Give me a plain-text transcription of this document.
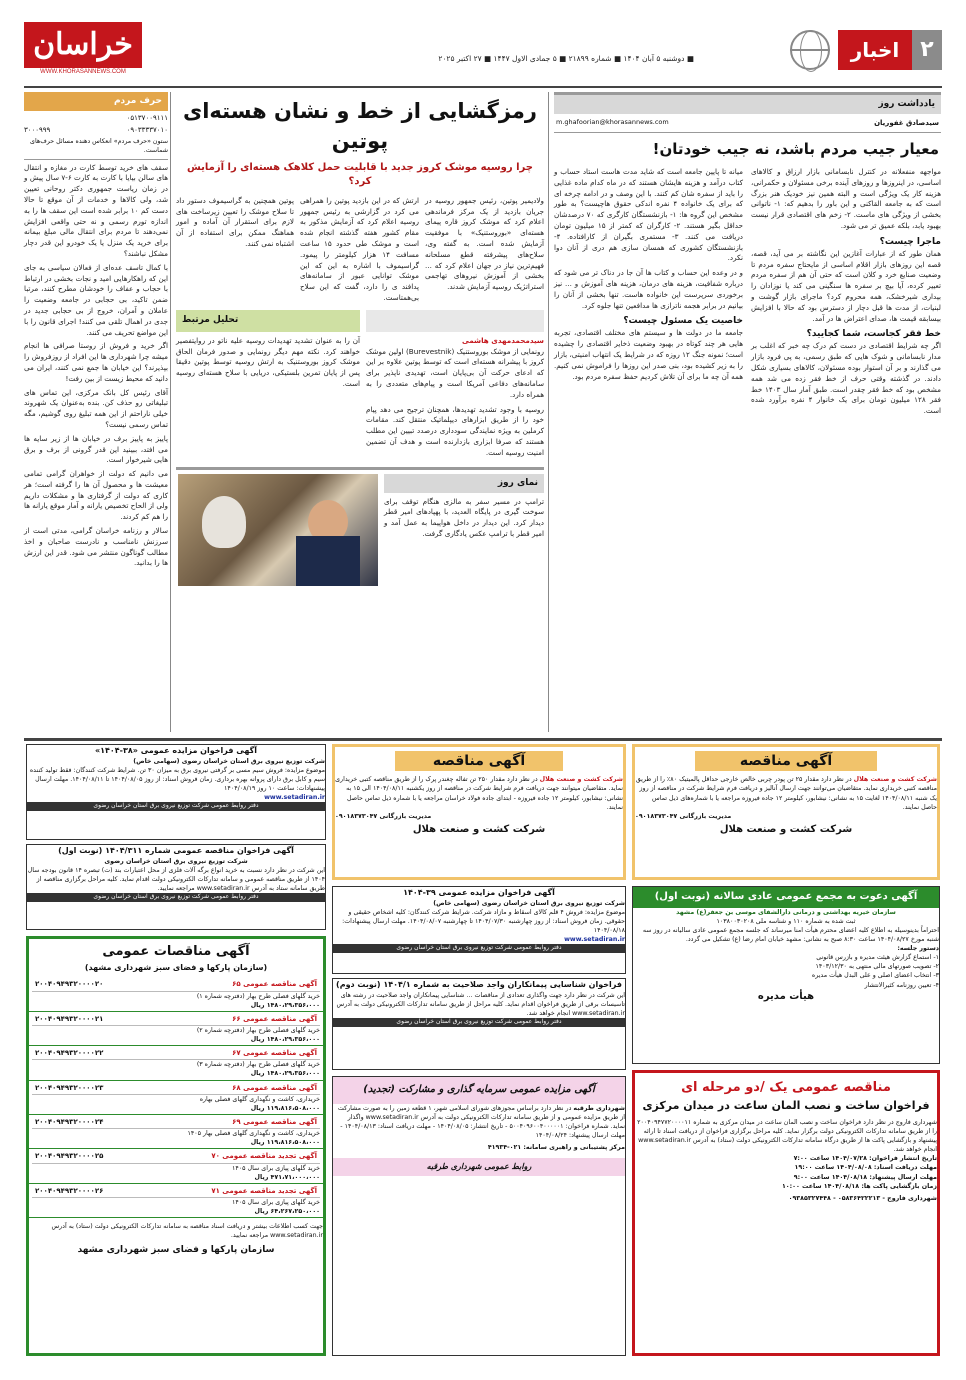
خراسان
WWW.KHORASANNEWS.COM
■ دوشنبه ۵ آبان ۱۴۰۴ ■ شماره ۲۱۸۹۹ ■ ۵ جمادی الاول ۱۴۴۷ ■ ۲۷ اکتبر ۲۰۲۵	۲
اخبار
یادداشت روز
سیدصادق غفوریان
m.ghafoorian@khorasannews.com
معیار جیب مردم باشد، نه جیب خودتان!

مواجهه منفعلانه در کنترل نابسامانی بازار ارزاق و کالاهای اساسی، در اینروزها و روزهای آینده برخی مسئولان و حکمرانی، هزینه کار یک ویژگی است و البته همین نیز خودیک هنر بزرگ است که به جامعه القاکنی و این باور را بدهیم که: ۱- ناتوانی بخشی از ویژگی های ماست. ۲- زخم های اقتصادی قرار نیست بهبود یابد، بلکه عمیق تر می شود.

ماجرا چیست؟

همان طور که از عبارات آغازین این نگاشته بر می آید، قصه، قصه این روزهای بازار اقلام اساسی از مایحتاج سفره مردم تا وضعیت صنایع خرد و کلان است که حتی آن هم از سفره مردم تعییر کرده، آیا بیچ بر سفره ها سنگینی می کند یا نوزادان را بیداری شیرخشک، همه محروم کرد؟ ماجرای بازار گوشت و لبنیات، از مدت ها قبل دچار از دسترس بود که حالا با افزایش بیسابقه قیمت ها، صدای اعتراض ها در آمد.

خط فقر کجاست، شما کجایید؟

اگر چه شرایط اقتصادی در دست کم درک چه خبر که اغلب بر مدار نابسامانی و شوک هایی که طبق رسمی، به پی فرود بازار می گذارند و بر آن استوار بوده مسئولان، کالاهای بسیاری شکل دادند. در گذشته وقتی حرف از خط فقر زده می شد همه مشخص بود که خط فقر چقدر است. طبق آمار سال ۱۴۰۳ خط فقر ۱۲۸ میلیون تومان برای یک خانوار ۴ نفره برآورد شده است.

میانه تا پایین جامعه است که شاید مدت هاست استاد حساب و کتاب درآمد و هزینه هایشان هستند که در ماه کدام ماده غذایی را باید از سفره شان کم کنند. با این وصف و در ادامه چرخه ای که برای یک خانواده ۴ نفره اندکی حقوق هاچیست؟ به طور مشخص این گروه ها: ۱- بازنشستگان کارگری که ۷۰ درصدشان حداقل بگیر هستند. ۲- کارگران که کمتر از ۱۵ میلیون تومان دریافت می کنند. ۳- مستمری بگیران از کارافتاده. ۴- بازنشستگان کشوری که همسان سازی هم دری از آنان دوا نکرد.

و در وعده این حساب و کتاب ها آن جا در دناک تر می شود که درباره شفافیت، هزینه های درمان، هزینه های آموزش و ... نیز برخوردی سرپرست این خانواده هاست. تنها بخشی از آنان را بیانیم در برابر هجمه ناترازی ها مدافعین تنها جلوه کرد.

خاصیت یک مسئول چیست؟

جامعه ما در دولت ها و سیستم های مختلف اقتصادی، تجربه هایی هر چند کوتاه در بهبود وضعیت ذخایر اقتصادی را چشیده است؛ نمونه جنگ ۱۲ روزه که در شرایط یک انتهاب امنیتی، بازار را به زیر کشیده بود، بنی صدر این روزها را فراموش نمی کنیم. همه آن چه ما برای آن تلاش کردیم حفظ سفره مردم بود.

رمزگشایی از خط و نشان هسته‌ای پوتین
چرا روسیه موشک کروز جدید با قابلیت حمل کلاهک هسته‌ای را آزمایش کرد؟

ولادیمیر پوتین، رئیس جمهور روسیه در جریان بازدید از یک مرکز فرماندهی اعلام کرد که موشک کروز قاره پیمای هسته‌ای «بوروستنیک» با موفقیت آزمایش شده است. به گفته وی، سلاح‌های پیشرفته قطع مسلحانه فهیم‌ترین نیاز در جهان اعلام کرد که ... بخشی از آموزش نیروهای تهاجمی استراتژیک روسیه آزمایش شدند.

ارتش که در این بازدید پوتین را همراهی می کرد در گزارشی به رئیس جمهور روسیه اعلام کرد که آزمایش مذکور به مقام کشور هفته گذشته انجام شده است و موشک طی حدود ۱۵ ساعت مسافت ۱۴ هزار کیلومتر را پیمود. گراسیموف با اشاره به این که این موشک توانایی عبور از سامانه‌های پدافند ی را دارد، گفت که این سلاح بی‌همتاست.

پوتین همچنین به گراسیموف دستور داد تا سلاح موشک را تعیین زیرساخت های لازم برای استقرار آن آماده و امور هماهنگ ممکن برای استفاده از آن اشتباه نمی کنند.

سیدمحمدمهدی هاشمی

رونمایی از موشک بوروستنیک (Burevestnik) اولین موشک کروز با پیشرانه هسته‌ای است که توسط پوتین علاوه بر این که ادعای حرکت آن بی‌پایان است، تهدیدی ناپذیر برای سامانه‌های دفاعی آمریکا است و پیام‌های متعددی را به همراه دارد.

روسیه با وجود تشدید تهدیدها، همچنان ترجیح می دهد پیام خود را از طریق ابزارهای دیپلماتیک منتقل کند. مقامات کرملین به ویژه نمایندگی سودداری درصدد تبیین این مطلب هستند که صرفا ابزاری بازدارنده است و هدف آن تضمین امنیت روسیه است.

تحلیل مرتبط

آن را به عنوان تشدید تهدیدات روسیه علیه ناتو در روایتفصیر خواهند کرد. نکته مهم دیگر رونمایی و صدور فرمان الحاق موشک کروز بوروستنیک به ارتش روسیه توسط پوتین دقیقا پس از پایان تمرین بلستیکی، دریایی با سلاح هسته‌ای روسیه است.

نمای روز

ترامپ در مسیر سفر به مالزی هنگام توقف برای سوخت گیری در پایگاه العدید، با پهپادهای امیر قطر دیدار کرد. این دیدار در داخل هواپیما به عمل آمد و امیر قطر با ترامپ عکس یادگاری گرفت.

حرف مردم
۰۵۱۳۷۰۰۹۱۱۱
۳۰۰۰۹۹۹	۰۹۰۳۳۳۳۷۰۱۰

ستون «حرف مردم» انعکاس دهنده مسائل حرف‌های شماست.

سقف های خرید توسط کارت در مغازه و انتقال های سالن بیایا با کارت به کارت ۶-۷ سال پیش و در زمان ریاست جمهوری دکتر روحانی تعیین شد، ولی کالاها و خدمات از آن موقع تا حالا دست کم ۱۰ برابر شده است این سقف ها را به اندازه تورم رسمی و نه حتی واقعی افزایش نمی‌دهند تا مردم برای انتقال مالی مبلغ بیمانه برای خرید یک منزل یا یک خودرو این قدر دچار مشکل نباشند؟

با کمال تاسف عده‌ای از فعالان سیاسی به جای این که راهکارهایی امید و نجات بخشی در ارتباط با حجاب و عفاف را خودشان مطرح کنند، مرتبا ضمن تاکید، بی حجابی در جامعه وضعیت را عاملان و آمران، خروج از بی حجابی جدید در جدی در اهمال تلقی می کنند! اجرای قانون را با این مواضع تحریف می کنند.

اگر خرید و فروش از روستا صرافی ها انجام میشه چرا شهرداری ها این افراد از روزفروش را بپذیرند؟ این خیابان ها جمع نمی کنند، ایران می دانید که محیط زیست از بین رفت!

آقای رئیس کل بانک مرکزی، این تماس های تبلیغاتی رو حذف کن. بنده به‌عنوان یک شهروند خیلی ناراحتم از این همه تبلیغ روی گوشیم، مگه تماس رسمی نیست؟

پاییز به پاییز برف در خیابان ها از زیر سایه ها می افتد، ببینید این قدر گرونی از برف و برق هایی شیرخوار است.

می دانیم که دولت از خواهران گرامی تمامی معیشت ها و محصول آن ها را گرفته است؛ هر کاری که دولت از گرفتاری ها و مشکلات داریم ولی از الحاح تخصیص یارانه و آمار موقع یارانه ها را هم کم کردند.

سالار و رزنامه خراسان گرامی، مدتی است از سرزنش نا‌مناسب و نادرست صاحبان و اخذ مطالب گوناگون منتشر می شود. قدر این ارزش ها را بدانید.

آگهی مناقصه

شرکت کشت و صنعت هلال در نظر دارد مقدار ۲۵ تن پودر چربی خالص خارجی حداقل پالمیتیک ۸۰٪ را از طریق مناقصه کتبی خریداری نماید. متقاضیان می‌توانند جهت ارسال آنالیز و دریافت فرم شرایط شرکت در مناقصه از روز یک شنبه ۱۴۰۴/۰۸/۱۱ لغایت ۱۵ به نشانی: نیشابور، کیلومتر ۱۲ جاده فیروزه مراجعه یا با شماره‌های ذیل تماس حاصل نمایند.

مدیریت بازرگانی ۰۹۰۱۸۳۷۳۰۴۷

شرکت کشت و صنعت هلال
آگهی مناقصه

شرکت کشت و صنعت هلال در نظر دارد مقدار ۲۵۰ تن تفاله چغندر پرک را از طریق مناقصه کتبی خریداری نماید. متقاضیان میتوانند جهت دریافت فرم شرایط شرکت در مناقصه از روز یکشنبه ۱۴۰۴/۰۸/۱۱ الی ۱۵ به نشانی: نیشابور، کیلومتر ۱۲ جاده فیروزه - ابتدای جاده فولاد خراسان مراجعه یا با شماره ذیل تماس حاصل نمایند.

مدیریت بازرگانی ۰۹۰۱۸۳۷۳۰۴۷

شرکت کشت و صنعت هلال
آگهی فراخوان مزایده عمومی «۳۸-۱۴۰۴»

شرکت توزیع نیروی برق استان خراسان رضوی (سهامی خاص)

موضوع مزایده: فروش سیم مسی بر گرفتی نیروی برق به میزان ۳۰ تن. شرایط شرکت کنندگان: فقط تولید کننده سیم و کابل برق دارای پروانه بهره برداری. زمان فروش اسناد: از روز ۱۴۰۴/۰۸/۰۵ تا ۱۴۰۴/۰۸/۱۱. مهلت ارسال پیشنهادات: ساعت ۱۰ روز ۱۴۰۴/۰۸/۱۹

www.setadiran.ir

دفتر روابط عمومی شرکت توزیع نیروی برق استان خراسان رضوی
آگهی فراخوان مناقصه عمومی شماره ۱۴۰۴/۳۱۱ (نوبت اول)

شرکت توزیع نیروی برق استان خراسان رضوی

این شرکت در نظر دارد نسبت به خرید انواع برگه آلات فلزی از محل اعتبارات بند (ت) تبصره ۱۴ قانون بودجه سال ۱۴۰۴ از طریق مناقصه عمومی و سامانه تدارکات الکترونیکی دولت اقدام نماید. کلیه مراحل برگزاری مناقصه از طریق سامانه ستاد به آدرس www.setadiran.ir مراجعه نمایید.

دفتر روابط عمومی شرکت توزیع نیروی برق استان خراسان رضوی	آگهی دعوت به مجمع عمومی عادی سالانه (نوبت اول)

سازمان خیریه بهداشتی و درمانی دارالشفای موسی بن جعفر(ع) مشهد

ثبت شده به شماره ۱۱۰ و شناسه ملی ۱۰۳۸۰۰۳۰۲۰۸

احتراماً بدینوسیله به اطلاع کلیه اعضای محترم هیأت امنا میرساند که جلسه مجمع عمومی عادی سالیانه در روز سه شنبه مورخ ۱۴۰۴/۰۸/۲۷ ساعت ۸:۳۰ صبح به نشانی: مشهد خیابان امام رضا (ع) تشکیل می گردد.

دستور جلسه:

۱- استماع گزارش هیئت مدیره و بازرس قانونی

۲- تصویب صورتهای مالی منتهی به ۱۴۰۳/۱۲/۳۰

۳- انتخاب اعضای اصلی و علی البدل هیأت مدیره

۴- تعیین روزنامه کثیرالانتشار

هیأت مدیره
آگهی فراخوان مزایده عمومی ۳۹-۱۴۰۴

شرکت توزیع نیروی برق استان خراسان رضوی (سهامی خاص)

موضوع مزایده: فروش ۴ قلم کالای اسقاط و مازاد شرکت. شرایط شرکت کنندگان: کلیه اشخاص حقیقی و حقوقی. زمان فروش اسناد: از روز چهارشنبه ۱۴۰۴/۰۷/۳۰ تا چهارشنبه ۱۴۰۴/۰۸/۰۷. مهلت ارسال پیشنهادات: ۱۴۰۴/۰۸/۱۸

www.setadiran.ir

دفتر روابط عمومی شرکت توزیع نیروی برق استان خراسان رضوی
فراخوان شناسایی پیمانکاران واجد صلاحیت به شماره ۱۴۰۴/۱ (نوبت دوم)

این شرکت در نظر دارد جهت واگذاری تعدادی از مناقصات ... شناسایی پیمانکاران واجد صلاحیت در رشته های تاسیسات برقی از طریق فراخوان اقدام نماید. کلیه مراحل از طریق سامانه تدارکات الکترونیکی دولت به آدرس www.setadiran.ir انجام خواهد شد.

دفتر روابط عمومی شرکت توزیع نیروی برق استان خراسان رضوی
آگهی مناقصات عمومی
(سازمان پارکها و فضای سبز شهرداری مشهد)
آگهی مناقصه عمومی ۶۵
۲۰۰۴۰۹۴۹۳۲۰۰۰۰۲۰
خرید گلهای فصلی طرح بهار (دفترچه شماره ۱)
۱۴۸۰،۲۹،۳۵۶،۰۰۰ ریال
آگهی مناقصه عمومی ۶۶
۲۰۰۴۰۹۴۹۳۲۰۰۰۰۲۱
خرید گلهای فصلی طرح بهار (دفترچه شماره ۲)
۱۴۸۰،۲۹،۳۵۶،۰۰۰ ریال
آگهی مناقصه عمومی ۶۷
۲۰۰۴۰۹۴۹۳۲۰۰۰۰۲۲
خرید گلهای فصلی طرح بهار (دفترچه شماره ۳)
۱۴۸۰،۲۹،۳۵۶،۰۰۰ ریال
آگهی مناقصه عمومی ۶۸
۲۰۰۴۰۹۴۹۳۲۰۰۰۰۲۳
خریداری، کاشت و نگهداری گلهای فصلی بهاره
۱۱۹،۸۱۶،۵۰۸،۰۰۰ ریال
آگهی مناقصه عمومی ۶۹
۲۰۰۴۰۹۴۹۳۲۰۰۰۰۲۴
خریداری، کاشت و نگهداری گلهای فصلی بهار ۱۴۰۵
۱۱۹،۸۱۶،۵۰۸،۰۰۰ ریال
آگهی تجدید مناقصه عمومی ۷۰
۲۰۰۴۰۹۴۹۳۲۰۰۰۰۲۵
خرید گلهای پیازی برای سال ۱۴۰۵
۴۷۱،۷۱،۰۰۰،۰۰۰ ریال
آگهی تجدید مناقصه عمومی ۷۱
۲۰۰۴۰۹۴۹۳۲۰۰۰۰۲۶
خرید گلهای پیازی برای سال ۱۴۰۵
۶۴،۲۶۷،۲۵۰،۰۰۰ ریال

جهت کسب اطلاعات بیشتر و دریافت اسناد مناقصه به سامانه تدارکات الکترونیکی دولت (ستاد) به آدرس www.setadiran.ir مراجعه نمایید.

سازمان پارکها و فضای سبز شهرداری مشهد
مناقصه عمومی یک /دو مرحله ای
فراخوان ساخت و نصب المان ساعت در میدان مرکزی

شهرداری فاروج در نظر دارد فراخوان ساخت و نصب المان ساعت در میدان مرکزی به شماره ۲۰۰۴۰۹۴۷۷۲۰۰۰۰۱۱ را از طریق سامانه تدارکات الکترونیکی دولت برگزار نماید. کلیه مراحل برگزاری فراخوان از دریافت اسناد تا ارائه پیشنهاد و بازگشایی پاکت ها از طریق درگاه سامانه تدارکات الکترونیکی دولت (ستاد) به آدرس www.setadiran.ir انجام خواهد شد.

تاریخ انتشار فراخوان: ۱۴۰۴/۰۷/۲۸ ساعت ۷:۰۰

مهلت دریافت اسناد: ۱۴۰۴/۰۸/۰۸ ساعت ۱۹:۰۰

مهلت ارسال پیشنهاد: ۱۴۰۴/۰۸/۱۸ ساعت ۹:۰۰

زمان بازگشایی پاکت ها: ۱۴۰۴/۰۸/۱۸ ساعت ۱۰:۰۰

شهرداری فاروج - ۰۵۸۳۶۴۲۲۲۱۳ - ۰۹۳۸۵۳۲۷۴۴۸

آگهی مزایده عمومی سرمایه گذاری و مشارکت (تجدید)

شهرداری طرقبه در نظر دارد براساس مجوزهای شورای اسلامی شهر، ۱ قطعه زمین را به صورت مشارکت از طریق مزایده عمومی و از طریق سامانه تدارکات الکترونیکی دولت به آدرس www.setadiran.ir واگذار نماید. شماره فراخوان: ۵۰۰۴۰۹۶۰۰۴۰۰۰۰۰۱ - تاریخ انتشار: ۱۴۰۴/۰۸/۰۵ - مهلت دریافت اسناد: ۱۴۰۴/۰۸/۱۳ - مهلت ارسال پیشنهاد: ۱۴۰۴/۰۸/۲۴

مرکز پشتیبانی و راهبری سامانه: ۰۲۱-۴۱۹۳۴

روابط عمومی شهرداری طرقبه
